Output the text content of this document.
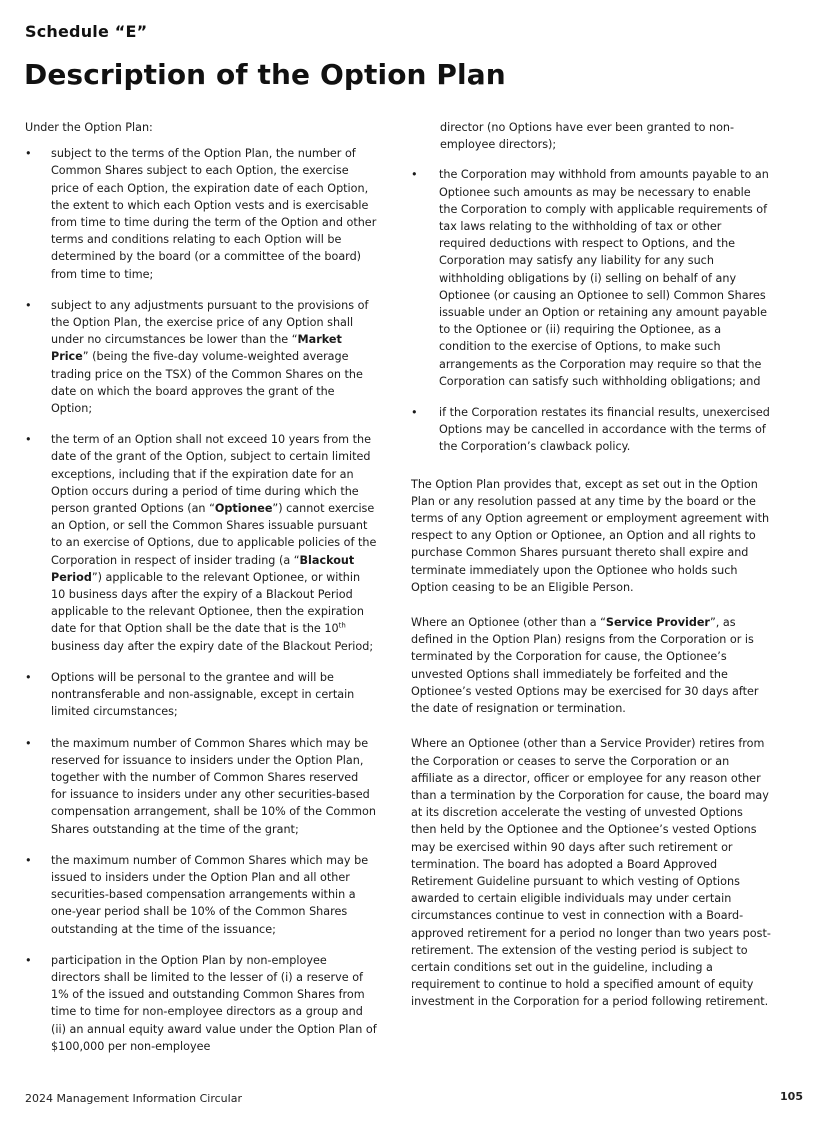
Schedule “E”
Description of the Option Plan

Under the Option Plan:

•	subject to the terms of the Option Plan, the number of Common Shares subject to each Option, the exercise price of each Option, the expiration date of each Option, the extent to which each Option vests and is exercisable from time to time during the term of the Option and other terms and conditions relating to each Option will be determined by the board (or a committee of the board) from time to time;
•	subject to any adjustments pursuant to the provisions of the Option Plan, the exercise price of any Option shall under no circumstances be lower than the “Market Price” (being the five-day volume-weighted average trading price on the TSX) of the Common Shares on the date on which the board approves the grant of the Option;
•	the term of an Option shall not exceed 10 years from the date of the grant of the Option, subject to certain limited exceptions, including that if the expiration date for an Option occurs during a period of time during which the person granted Options (an “Optionee”) cannot exercise an Option, or sell the Common Shares issuable pursuant to an exercise of Options, due to applicable policies of the Corporation in respect of insider trading (a “Blackout Period”) applicable to the relevant Optionee, or within 10 business days after the expiry of a Blackout Period applicable to the relevant Optionee, then the expiration date for that Option shall be the date that is the 10th business day after the expiry date of the Blackout Period;
•	Options will be personal to the grantee and will be nontransferable and non-assignable, except in certain limited circumstances;
•	the maximum number of Common Shares which may be reserved for issuance to insiders under the Option Plan, together with the number of Common Shares reserved for issuance to insiders under any other securities-based compensation arrangement, shall be 10% of the Common Shares outstanding at the time of the grant;
•	the maximum number of Common Shares which may be issued to insiders under the Option Plan and all other securities-based compensation arrangements within a one-year period shall be 10% of the Common Shares outstanding at the time of the issuance;
•	participation in the Option Plan by non-employee directors shall be limited to the lesser of (i) a reserve of 1% of the issued and outstanding Common Shares from time to time for non-employee directors as a group and (ii) an annual equity award value under the Option Plan of $100,000 per non-employee

director (no Options have ever been granted to non-employee directors);

•	the Corporation may withhold from amounts payable to an Optionee such amounts as may be necessary to enable the Corporation to comply with applicable requirements of tax laws relating to the withholding of tax or other required deductions with respect to Options, and the Corporation may satisfy any liability for any such withholding obligations by (i) selling on behalf of any Optionee (or causing an Optionee to sell) Common Shares issuable under an Option or retaining any amount payable to the Optionee or (ii) requiring the Optionee, as a condition to the exercise of Options, to make such arrangements as the Corporation may require so that the Corporation can satisfy such withholding obligations; and
•	if the Corporation restates its financial results, unexercised Options may be cancelled in accordance with the terms of the Corporation’s clawback policy.

The Option Plan provides that, except as set out in the Option Plan or any resolution passed at any time by the board or the terms of any Option agreement or employment agreement with respect to any Option or Optionee, an Option and all rights to purchase Common Shares pursuant thereto shall expire and terminate immediately upon the Optionee who holds such Option ceasing to be an Eligible Person.

Where an Optionee (other than a “Service Provider”, as defined in the Option Plan) resigns from the Corporation or is terminated by the Corporation for cause, the Optionee’s unvested Options shall immediately be forfeited and the Optionee’s vested Options may be exercised for 30 days after the date of resignation or termination.

Where an Optionee (other than a Service Provider) retires from the Corporation or ceases to serve the Corporation or an affiliate as a director, officer or employee for any reason other than a termination by the Corporation for cause, the board may at its discretion accelerate the vesting of unvested Options then held by the Optionee and the Optionee’s vested Options may be exercised within 90 days after such retirement or termination. The board has adopted a Board Approved Retirement Guideline pursuant to which vesting of Options awarded to certain eligible individuals may under certain circumstances continue to vest in connection with a Board-approved retirement for a period no longer than two years post-retirement. The extension of the vesting period is subject to certain conditions set out in the guideline, including a requirement to continue to hold a specified amount of equity investment in the Corporation for a period following retirement.

2024 Management Information Circular	105
